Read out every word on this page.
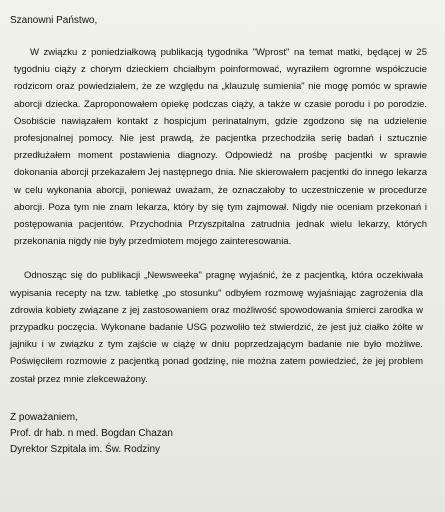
Szanowni Państwo,

W związku z poniedziałkową publikacją tygodnika "Wprost" na temat matki, będącej w 25 tygodniu ciąży z chorym dzieckiem chciałbym poinformować, wyraziłem ogromne współczucie rodzicom oraz powiedziałem, że ze względu na „klauzulę sumienia" nie mogę pomóc w sprawie aborcji dziecka. Zaproponowałem opiekę podczas ciąży, a także w czasie porodu i po porodzie. Osobiście nawiązałem kontakt z hospicjum perinatalnym, gdzie zgodzono się na udzielenie profesjonalnej pomocy. Nie jest prawdą, że pacjentka przechodziła serię badań i sztucznie przedłużałem moment postawienia diagnozy. Odpowiedź na prośbę pacjentki w sprawie dokonania aborcji przekazałem Jej następnego dnia. Nie skierowałem pacjentki do innego lekarza w celu wykonania aborcji, ponieważ uważam, że oznaczałoby to uczestniczenie w procedurze aborcji. Poza tym nie znam lekarza, który by się tym zajmował. Nigdy nie oceniam przekonań i postępowania pacjentów. Przychodnia Przyszpitalna zatrudnia jednak wielu lekarzy, których przekonania nigdy nie były przedmiotem mojego zainteresowania.

Odnosząc się do publikacji „Newsweeka" pragnę wyjaśnić, że z pacjentką, która oczekiwała wypisania recepty na tzw. tabletkę „po stosunku" odbyłem rozmowę wyjaśniając zagrożenia dla zdrowia kobiety związane z jej zastosowaniem oraz możliwość spowodowania śmierci zarodka w przypadku poczęcia. Wykonane badanie USG pozwoliło też stwierdzić, że jest już ciałko żółte w jajniku i w związku z tym zajście w ciążę w dniu poprzedzającym badanie nie było możliwe. Poświęciłem rozmowie z pacjentką ponad godzinę, nie można zatem powiedzieć, że jej problem został przez mnie zlekceważony.

Z poważaniem,
Prof. dr hab. n med. Bogdan Chazan
Dyrektor Szpitala im. Św. Rodziny
